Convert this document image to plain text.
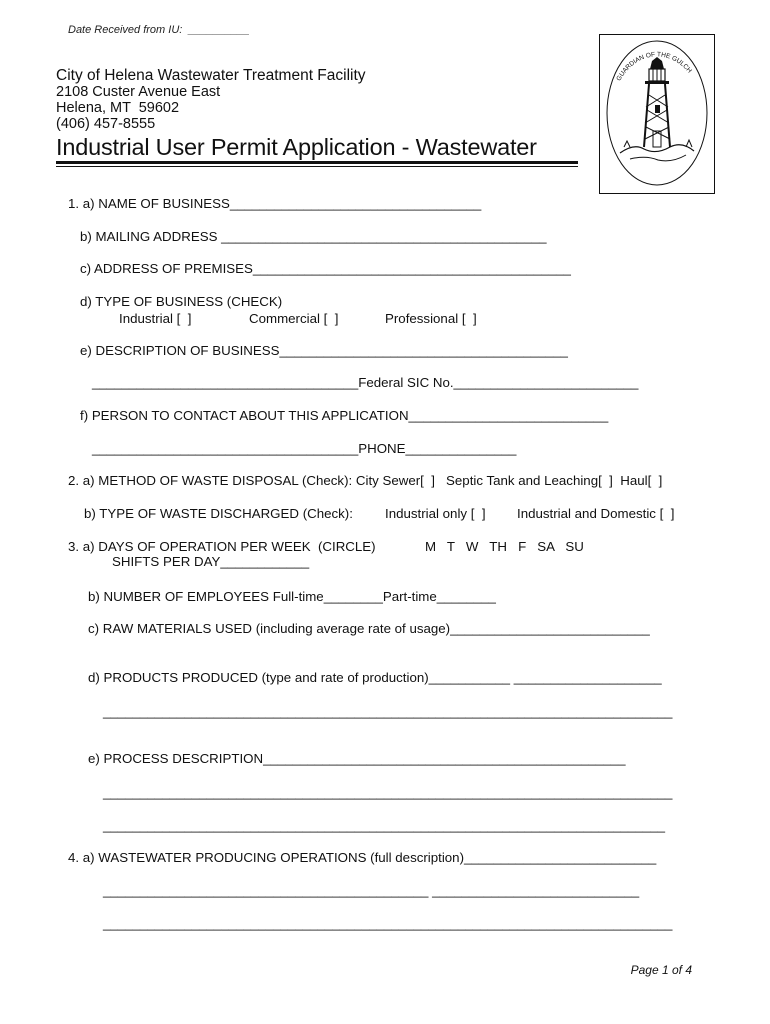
Date Received from IU:  __________
City of Helena Wastewater Treatment Facility
2108 Custer Avenue East
Helena, MT  59602
(406) 457-8555
Industrial User Permit Application - Wastewater
GUARDIAN OF THE GULCH
1. a) NAME OF BUSINESS__________________________________
b) MAILING ADDRESS ____________________________________________
c) ADDRESS OF PREMISES___________________________________________
d) TYPE OF BUSINESS (CHECK)
Industrial [  ]	Commercial [  ]	Professional [  ]
e) DESCRIPTION OF BUSINESS_______________________________________
____________________________________Federal SIC No._________________________
f) PERSON TO CONTACT ABOUT THIS APPLICATION___________________________
____________________________________PHONE_______________
2. a) METHOD OF WASTE DISPOSAL (Check): City Sewer[  ]   Septic Tank and Leaching[  ]  Haul[  ]
b) TYPE OF WASTE DISCHARGED (Check): Industrial only [  ] Industrial and Domestic [  ]
3. a) DAYS OF OPERATION PER WEEK  (CIRCLE)	M   T   W   TH   F   SA   SU
SHIFTS PER DAY____________
b) NUMBER OF EMPLOYEES Full-time________Part-time________
c) RAW MATERIALS USED (including average rate of usage)___________________________
d) PRODUCTS PRODUCED (type and rate of production)___________ ____________________
_____________________________________________________________________________
e) PROCESS DESCRIPTION_________________________________________________
_____________________________________________________________________________
____________________________________________________________________________
4. a) WASTEWATER PRODUCING OPERATIONS (full description)__________________________
____________________________________________ ____________________________
_____________________________________________________________________________
Page 1 of 4
